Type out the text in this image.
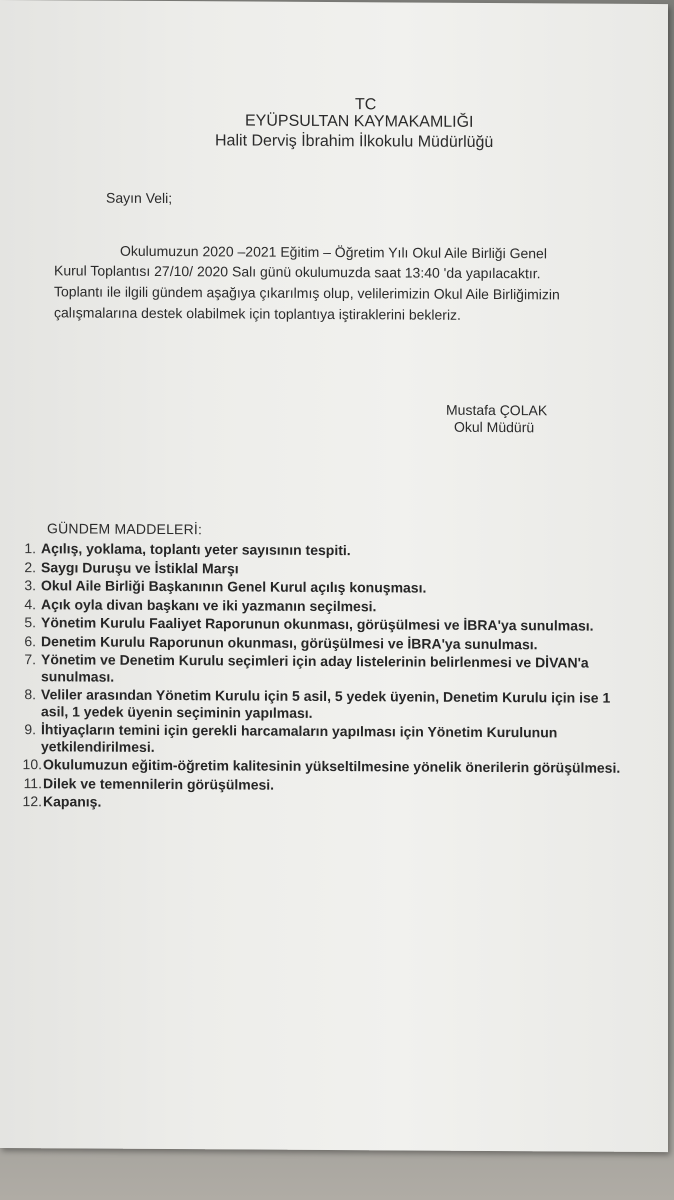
TC
EYÜPSULTAN KAYMAKAMLIĞI
Halit Derviş İbrahim İlkokulu Müdürlüğü
Sayın Veli;
Okulumuzun 2020 –2021 Eğitim – Öğretim Yılı Okul Aile Birliği Genel
Kurul Toplantısı 27/10/ 2020 Salı günü okulumuzda saat 13:40 'da yapılacaktır.
Toplantı ile ilgili gündem aşağıya çıkarılmış olup, velilerimizin Okul Aile Birliğimizin
çalışmalarına destek olabilmek için toplantıya iştiraklerini bekleriz.
Mustafa ÇOLAK
Okul Müdürü
GÜNDEM MADDELERİ:
1. Açılış, yoklama, toplantı yeter sayısının tespiti.
2. Saygı Duruşu ve İstiklal Marşı
3. Okul Aile Birliği Başkanının Genel Kurul açılış konuşması.
4. Açık oyla divan başkanı ve iki yazmanın seçilmesi.
5. Yönetim Kurulu Faaliyet Raporunun okunması, görüşülmesi ve İBRA'ya sunulması.
6. Denetim Kurulu Raporunun okunması, görüşülmesi ve İBRA'ya sunulması.
7. Yönetim ve Denetim Kurulu seçimleri için aday listelerinin belirlenmesi ve DİVAN'a sunulması.
8. Veliler arasından Yönetim Kurulu için 5 asil, 5 yedek üyenin, Denetim Kurulu için ise 1 asil, 1 yedek üyenin seçiminin yapılması.
9. İhtiyaçların temini için gerekli harcamaların yapılması için Yönetim Kurulunun yetkilendirilmesi.
10. Okulumuzun eğitim-öğretim kalitesinin yükseltilmesine yönelik önerilerin görüşülmesi.
11. Dilek ve temennilerin görüşülmesi.
12. Kapanış.
